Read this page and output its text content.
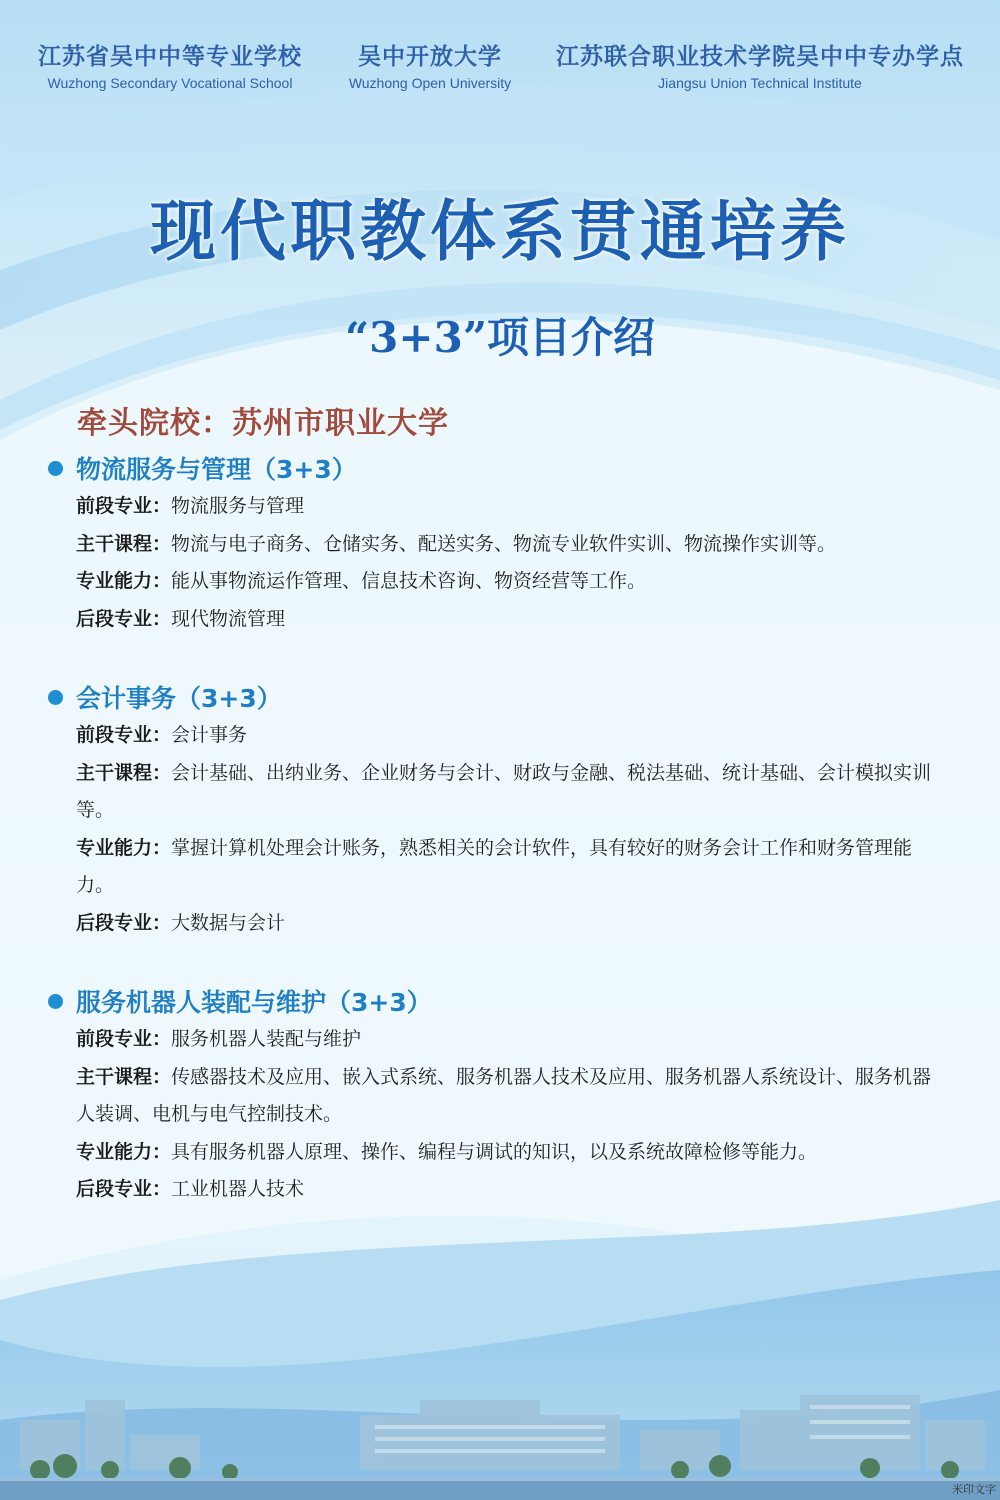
江苏省吴中中等专业学校
Wuzhong Secondary Vocational School
吴中开放大学
Wuzhong Open University
江苏联合职业技术学院吴中中专办学点
Jiangsu Union Technical Institute
现代职教体系贯通培养
“3+3”项目介绍
牵头院校：苏州市职业大学
物流服务与管理（3+3）
前段专业：物流服务与管理
主干课程：物流与电子商务、仓储实务、配送实务、物流专业软件实训、物流操作实训等。
专业能力：能从事物流运作管理、信息技术咨询、物资经营等工作。
后段专业：现代物流管理
会计事务（3+3）
前段专业：会计事务
主干课程：会计基础、出纳业务、企业财务与会计、财政与金融、税法基础、统计基础、会计模拟实训等。
专业能力：掌握计算机处理会计账务，熟悉相关的会计软件，具有较好的财务会计工作和财务管理能力。
后段专业：大数据与会计
服务机器人装配与维护（3+3）
前段专业：服务机器人装配与维护
主干课程：传感器技术及应用、嵌入式系统、服务机器人技术及应用、服务机器人系统设计、服务机器人装调、电机与电气控制技术。
专业能力：具有服务机器人原理、操作、编程与调试的知识，以及系统故障检修等能力。
后段专业：工业机器人技术
米印文字
